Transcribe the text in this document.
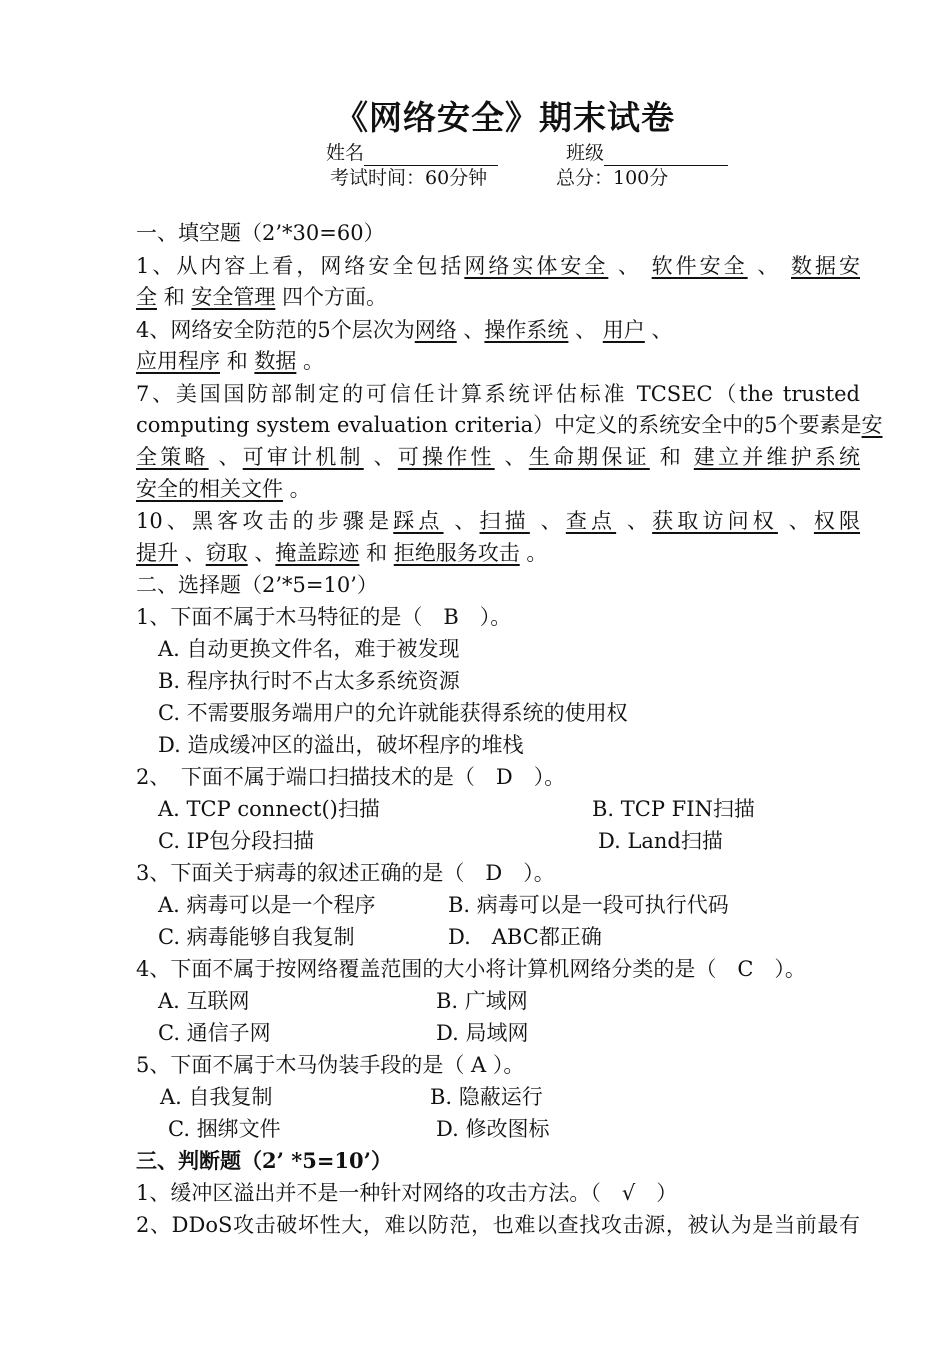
《网络安全》期末试卷
姓名	班级
考试时间：60分钟	总分：100分
一、填空题（2’*30=60）
1、从内容上看，网络安全包括网络实体安全 、 软件安全 、 数据安
全 和 安全管理 四个方面。
4、网络安全防范的5个层次为网络 、操作系统 、 用户 、
应用程序 和 数据 。
7、美国国防部制定的可信任计算系统评估标准 TCSEC（the trusted
computing system evaluation criteria）中定义的系统安全中的5个要素是安
全策略 、可审计机制 、可操作性 、生命期保证 和 建立并维护系统
安全的相关文件 。
10、黑客攻击的步骤是踩点 、扫描 、查点 、获取访问权 、权限
提升 、窃取 、掩盖踪迹 和 拒绝服务攻击 。
二、选择题（2’*5=10’）
1、下面不属于木马特征的是（　B　）。
A. 自动更换文件名，难于被发现
B. 程序执行时不占太多系统资源
C. 不需要服务端用户的允许就能获得系统的使用权
D. 造成缓冲区的溢出，破坏程序的堆栈
2、　下面不属于端口扫描技术的是（　D　）。
A. TCP connect()扫描	B. TCP FIN扫描
C. IP包分段扫描	D. Land扫描
3、下面关于病毒的叙述正确的是（　D　）。
A. 病毒可以是一个程序	B. 病毒可以是一段可执行代码
C. 病毒能够自我复制	D.　ABC都正确
4、下面不属于按网络覆盖范围的大小将计算机网络分类的是（　C　）。
A. 互联网	B. 广域网
C. 通信子网	D. 局域网
5、下面不属于木马伪装手段的是（ A ）。
A. 自我复制	B. 隐蔽运行
C. 捆绑文件	D. 修改图标
三、判断题（2’ *5=10’）
1、缓冲区溢出并不是一种针对网络的攻击方法。（　√　）
2、DDoS攻击破坏性大，难以防范，也难以查找攻击源，被认为是当前最有
